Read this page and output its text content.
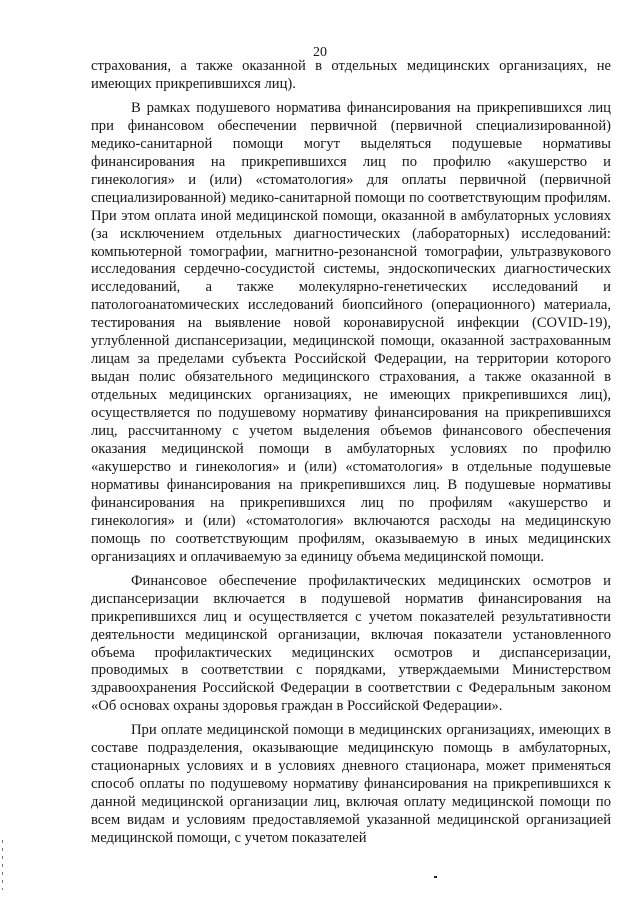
20

страхования, а также оказанной в отдельных медицинских организациях, не имеющих прикрепившихся лиц).

В рамках подушевого норматива финансирования на прикрепившихся лиц при финансовом обеспечении первичной (первичной специализированной) медико-санитарной помощи могут выделяться подушевые нормативы финансирования на прикрепившихся лиц по профилю «акушерство и гинекология» и (или) «стоматология» для оплаты первичной (первичной специализированной) медико-санитарной помощи по соответствующим профилям. При этом оплата иной медицинской помощи, оказанной в амбулаторных условиях (за исключением отдельных диагностических (лабораторных) исследований: компьютерной томографии, магнитно-резонансной томографии, ультразвукового исследования сердечно-сосудистой системы, эндоскопических диагностических исследований, а также молекулярно-генетических исследований и патологоанатомических исследований биопсийного (операционного) материала, тестирования на выявление новой коронавирусной инфекции (COVID-19), углубленной диспансеризации, медицинской помощи, оказанной застрахованным лицам за пределами субъекта Российской Федерации, на территории которого выдан полис обязательного медицинского страхования, а также оказанной в отдельных медицинских организациях, не имеющих прикрепившихся лиц), осуществляется по подушевому нормативу финансирования на прикрепившихся лиц, рассчитанному с учетом выделения объемов финансового обеспечения оказания медицинской помощи в амбулаторных условиях по профилю «акушерство и гинекология» и (или) «стоматология» в отдельные подушевые нормативы финансирования на прикрепившихся лиц. В подушевые нормативы финансирования на прикрепившихся лиц по профилям «акушерство и гинекология» и (или) «стоматология» включаются расходы на медицинскую помощь по соответствующим профилям, оказываемую в иных медицинских организациях и оплачиваемую за единицу объема медицинской помощи.

Финансовое обеспечение профилактических медицинских осмотров и диспансеризации включается в подушевой норматив финансирования на прикрепившихся лиц и осуществляется с учетом показателей результативности деятельности медицинской организации, включая показатели установленного объема профилактических медицинских осмотров и диспансеризации, проводимых в соответствии с порядками, утверждаемыми Министерством здравоохранения Российской Федерации в соответствии с Федеральным законом «Об основах охраны здоровья граждан в Российской Федерации».

При оплате медицинской помощи в медицинских организациях, имеющих в составе подразделения, оказывающие медицинскую помощь в амбулаторных, стационарных условиях и в условиях дневного стационара, может применяться способ оплаты по подушевому нормативу финансирования на прикрепившихся к данной медицинской организации лиц, включая оплату медицинской помощи по всем видам и условиям предоставляемой указанной медицинской организацией медицинской помощи, с учетом показателей
